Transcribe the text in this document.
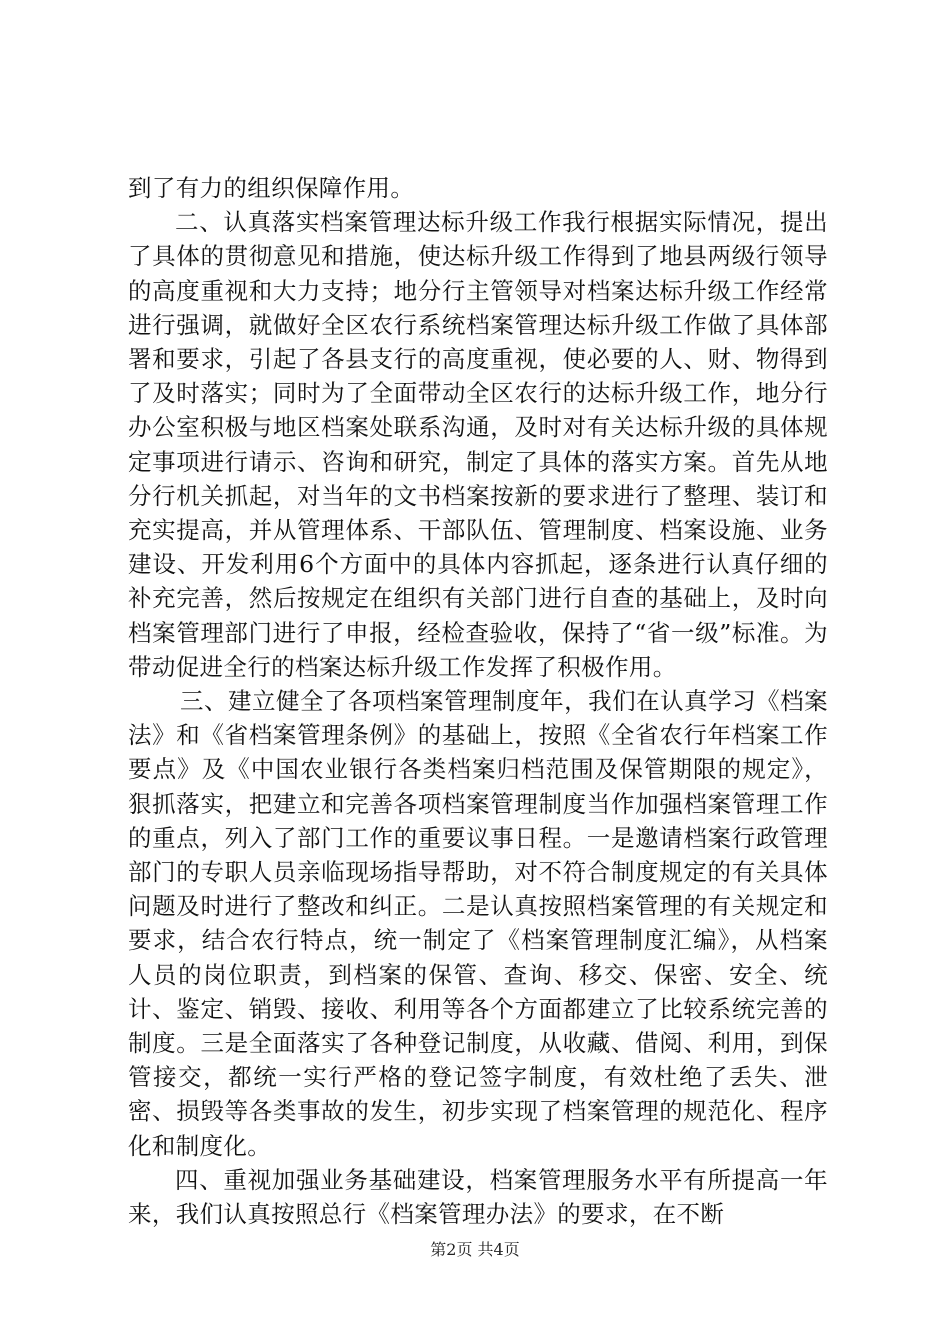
到了有力的组织保障作用。

二、认真落实档案管理达标升级工作我行根据实际情况，提出了具体的贯彻意见和措施，使达标升级工作得到了地县两级行领导的高度重视和大力支持；地分行主管领导对档案达标升级工作经常进行强调，就做好全区农行系统档案管理达标升级工作做了具体部署和要求，引起了各县支行的高度重视，使必要的人、财、物得到了及时落实；同时为了全面带动全区农行的达标升级工作，地分行办公室积极与地区档案处联系沟通，及时对有关达标升级的具体规定事项进行请示、咨询和研究，制定了具体的落实方案。首先从地分行机关抓起，对当年的文书档案按新的要求进行了整理、装订和充实提高，并从管理体系、干部队伍、管理制度、档案设施、业务建设、开发利用6个方面中的具体内容抓起，逐条进行认真仔细的补充完善，然后按规定在组织有关部门进行自查的基础上，及时向档案管理部门进行了申报，经检查验收，保持了“省一级”标准。为带动促进全行的档案达标升级工作发挥了积极作用。

三、建立健全了各项档案管理制度年，我们在认真学习《档案法》和《省档案管理条例》的基础上，按照《全省农行年档案工作要点》及《中国农业银行各类档案归档范围及保管期限的规定》，狠抓落实，把建立和完善各项档案管理制度当作加强档案管理工作的重点，列入了部门工作的重要议事日程。一是邀请档案行政管理部门的专职人员亲临现场指导帮助，对不符合制度规定的有关具体问题及时进行了整改和纠正。二是认真按照档案管理的有关规定和要求，结合农行特点，统一制定了《档案管理制度汇编》，从档案人员的岗位职责，到档案的保管、查询、移交、保密、安全、统计、鉴定、销毁、接收、利用等各个方面都建立了比较系统完善的制度。三是全面落实了各种登记制度，从收藏、借阅、利用，到保管接交，都统一实行严格的登记签字制度，有效杜绝了丢失、泄密、损毁等各类事故的发生，初步实现了档案管理的规范化、程序化和制度化。

四、重视加强业务基础建设，档案管理服务水平有所提高一年来，我们认真按照总行《档案管理办法》的要求，在不断

第2页 共4页
